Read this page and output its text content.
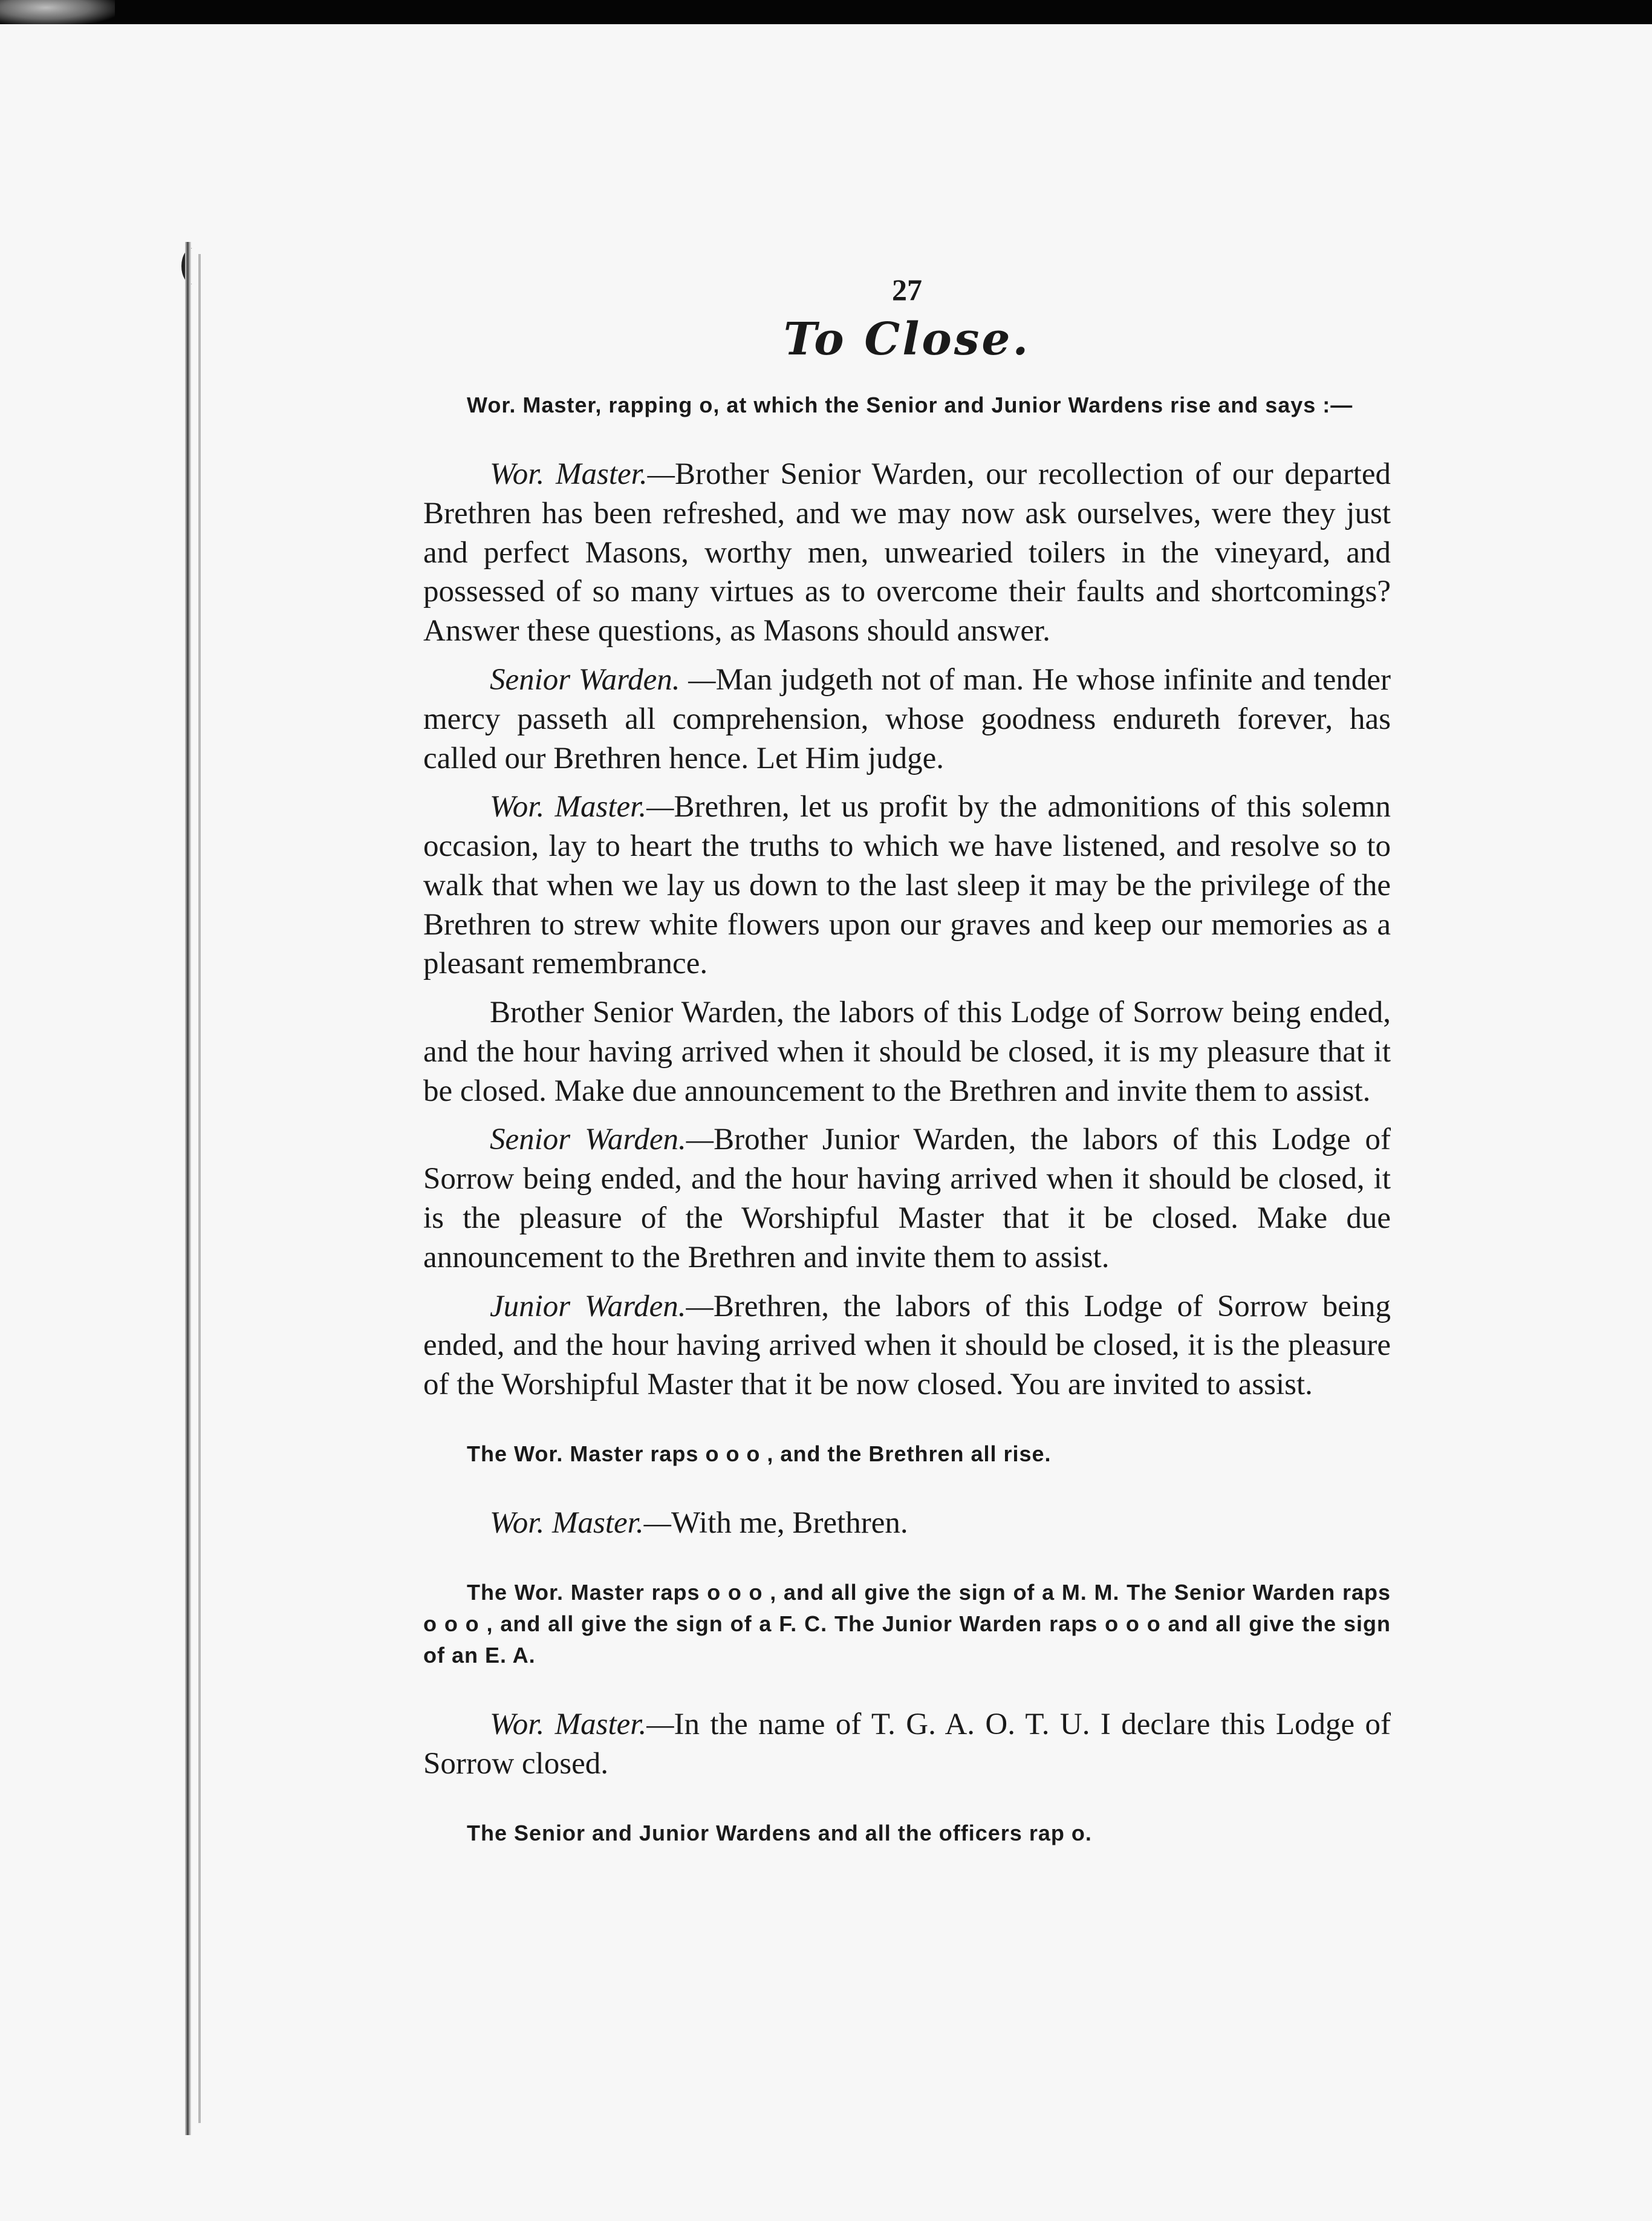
27
To Close.

Wor. Master, rapping o, at which the Senior and Junior Wardens rise and says :—

Wor. Master.—Brother Senior Warden, our recollection of our departed Brethren has been refreshed, and we may now ask ourselves, were they just and perfect Masons, worthy men, unwearied toilers in the vineyard, and possessed of so many virtues as to overcome their faults and shortcomings? Answer these questions, as Masons should answer.

Senior Warden. —Man judgeth not of man. He whose infinite and tender mercy passeth all comprehension, whose goodness endureth forever, has called our Brethren hence. Let Him judge.

Wor. Master.—Brethren, let us profit by the admonitions of this solemn occasion, lay to heart the truths to which we have listened, and resolve so to walk that when we lay us down to the last sleep it may be the privilege of the Brethren to strew white flowers upon our graves and keep our memories as a pleasant remembrance.

Brother Senior Warden, the labors of this Lodge of Sorrow being ended, and the hour having arrived when it should be closed, it is my pleasure that it be closed. Make due announcement to the Brethren and invite them to assist.

Senior Warden.—Brother Junior Warden, the labors of this Lodge of Sorrow being ended, and the hour having arrived when it should be closed, it is the pleasure of the Worshipful Master that it be closed. Make due announcement to the Brethren and invite them to assist.

Junior Warden.—Brethren, the labors of this Lodge of Sorrow being ended, and the hour having arrived when it should be closed, it is the pleasure of the Worshipful Master that it be now closed. You are invited to assist.

The Wor. Master raps o o o , and the Brethren all rise.

Wor. Master.—With me, Brethren.

The Wor. Master raps o o o , and all give the sign of a M. M. The Senior Warden raps o o o , and all give the sign of a F. C. The Junior Warden raps o o o and all give the sign of an E. A.

Wor. Master.—In the name of T. G. A. O. T. U. I declare this Lodge of Sorrow closed.

The Senior and Junior Wardens and all the officers rap o.
